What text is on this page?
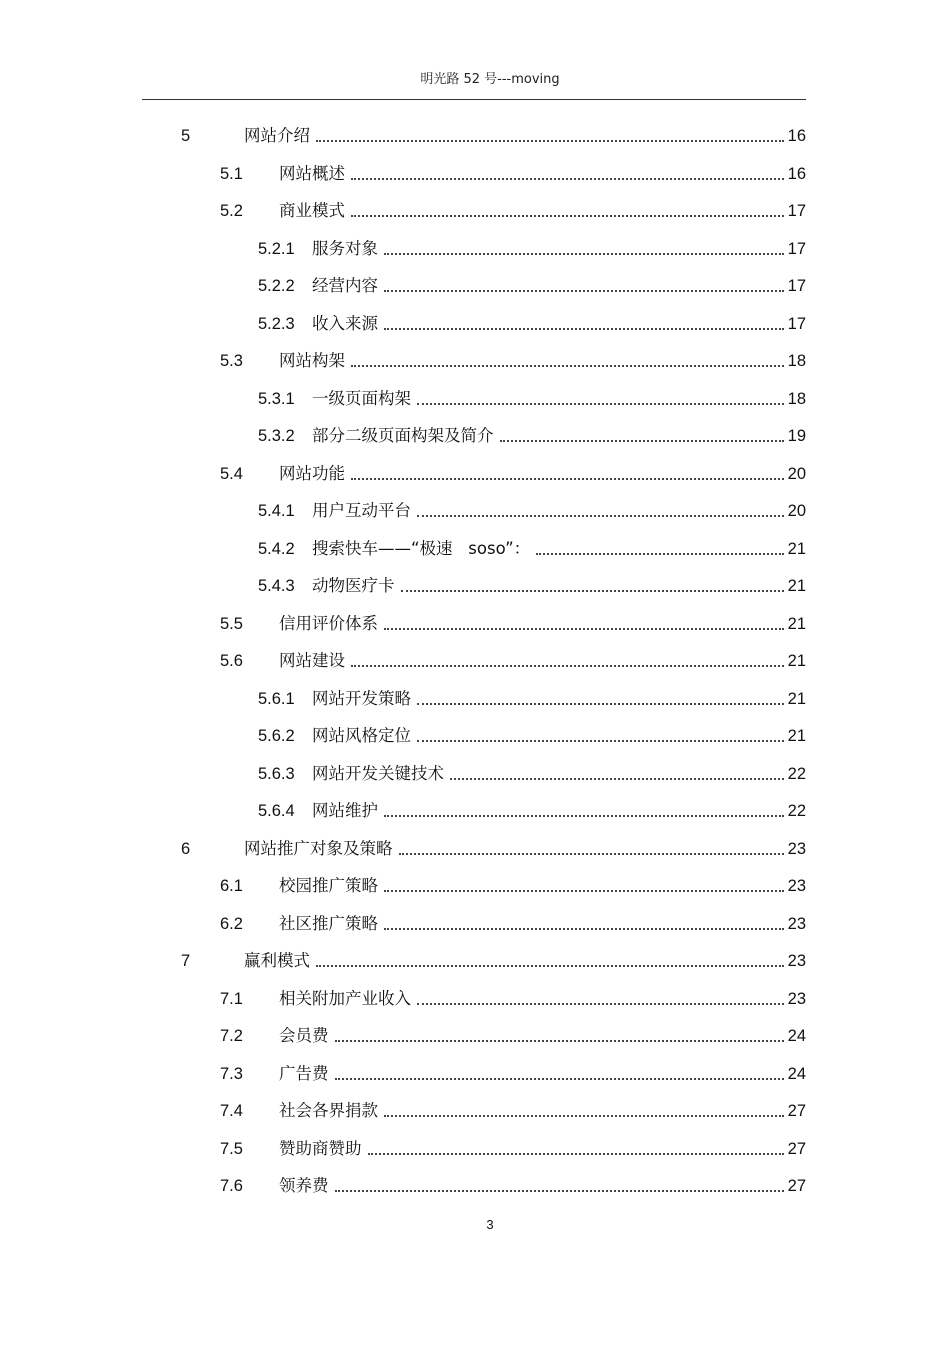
明光路 52 号---moving
5	网站介绍	16
5.1	网站概述	16
5.2	商业模式	17
5.2.1	服务对象	17
5.2.2	经营内容	17
5.2.3	收入来源	17
5.3	网站构架	18
5.3.1	一级页面构架	18
5.3.2	部分二级页面构架及简介	19
5.4	网站功能	20
5.4.1	用户互动平台	20
5.4.2	搜索快车——“极速   soso”：	21
5.4.3	动物医疗卡	21
5.5	信用评价体系	21
5.6	网站建设	21
5.6.1	网站开发策略	21
5.6.2	网站风格定位	21
5.6.3	网站开发关键技术	22
5.6.4	网站维护	22
6	网站推广对象及策略	23
6.1	校园推广策略	23
6.2	社区推广策略	23
7	赢利模式	23
7.1	相关附加产业收入	23
7.2	会员费	24
7.3	广告费	24
7.4	社会各界捐款	27
7.5	赞助商赞助	27
7.6	领养费	27
3
